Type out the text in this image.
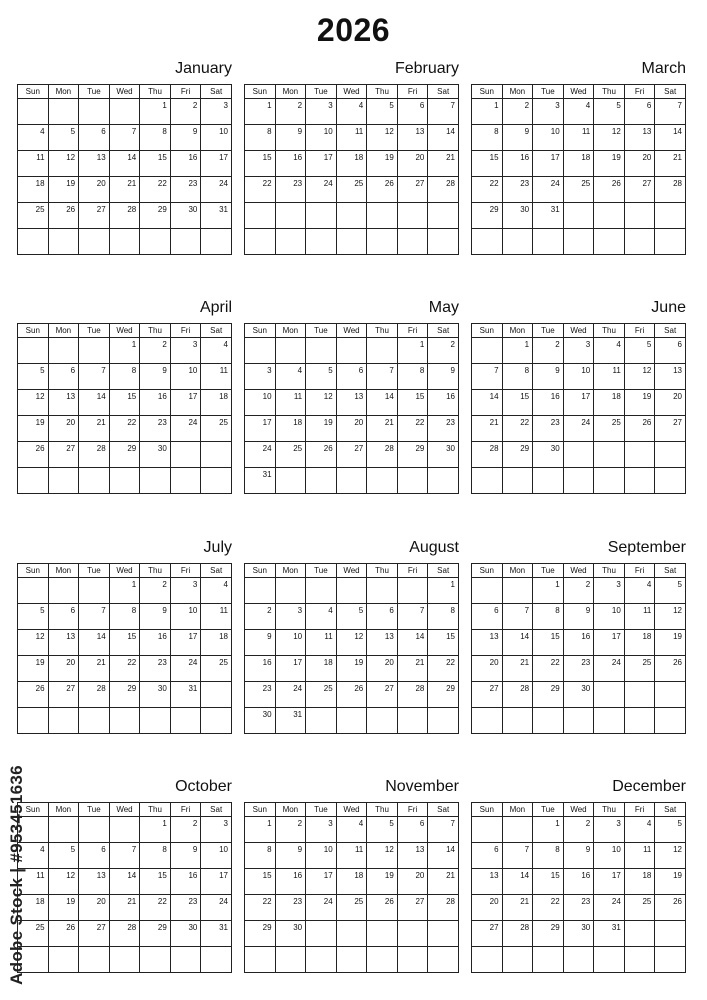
2026
January
Sun	Mon	Tue	Wed	Thu	Fri	Sat
				1	2	3
4	5	6	7	8	9	10
11	12	13	14	15	16	17
18	19	20	21	22	23	24
25	26	27	28	29	30	31

February
Sun	Mon	Tue	Wed	Thu	Fri	Sat
1	2	3	4	5	6	7
8	9	10	11	12	13	14
15	16	17	18	19	20	21
22	23	24	25	26	27	28

March
Sun	Mon	Tue	Wed	Thu	Fri	Sat
1	2	3	4	5	6	7
8	9	10	11	12	13	14
15	16	17	18	19	20	21
22	23	24	25	26	27	28
29	30	31				

April
Sun	Mon	Tue	Wed	Thu	Fri	Sat
			1	2	3	4
5	6	7	8	9	10	11
12	13	14	15	16	17	18
19	20	21	22	23	24	25
26	27	28	29	30		

May
Sun	Mon	Tue	Wed	Thu	Fri	Sat
					1	2
3	4	5	6	7	8	9
10	11	12	13	14	15	16
17	18	19	20	21	22	23
24	25	26	27	28	29	30
31						
June
Sun	Mon	Tue	Wed	Thu	Fri	Sat
	1	2	3	4	5	6
7	8	9	10	11	12	13
14	15	16	17	18	19	20
21	22	23	24	25	26	27
28	29	30				

July
Sun	Mon	Tue	Wed	Thu	Fri	Sat
			1	2	3	4
5	6	7	8	9	10	11
12	13	14	15	16	17	18
19	20	21	22	23	24	25
26	27	28	29	30	31	

August
Sun	Mon	Tue	Wed	Thu	Fri	Sat
						1
2	3	4	5	6	7	8
9	10	11	12	13	14	15
16	17	18	19	20	21	22
23	24	25	26	27	28	29
30	31					
September
Sun	Mon	Tue	Wed	Thu	Fri	Sat
		1	2	3	4	5
6	7	8	9	10	11	12
13	14	15	16	17	18	19
20	21	22	23	24	25	26
27	28	29	30			

October
Sun	Mon	Tue	Wed	Thu	Fri	Sat
				1	2	3
4	5	6	7	8	9	10
11	12	13	14	15	16	17
18	19	20	21	22	23	24
25	26	27	28	29	30	31

November
Sun	Mon	Tue	Wed	Thu	Fri	Sat
1	2	3	4	5	6	7
8	9	10	11	12	13	14
15	16	17	18	19	20	21
22	23	24	25	26	27	28
29	30					

December
Sun	Mon	Tue	Wed	Thu	Fri	Sat
		1	2	3	4	5
6	7	8	9	10	11	12
13	14	15	16	17	18	19
20	21	22	23	24	25	26
27	28	29	30	31		

Adobe Stock | #953451636
